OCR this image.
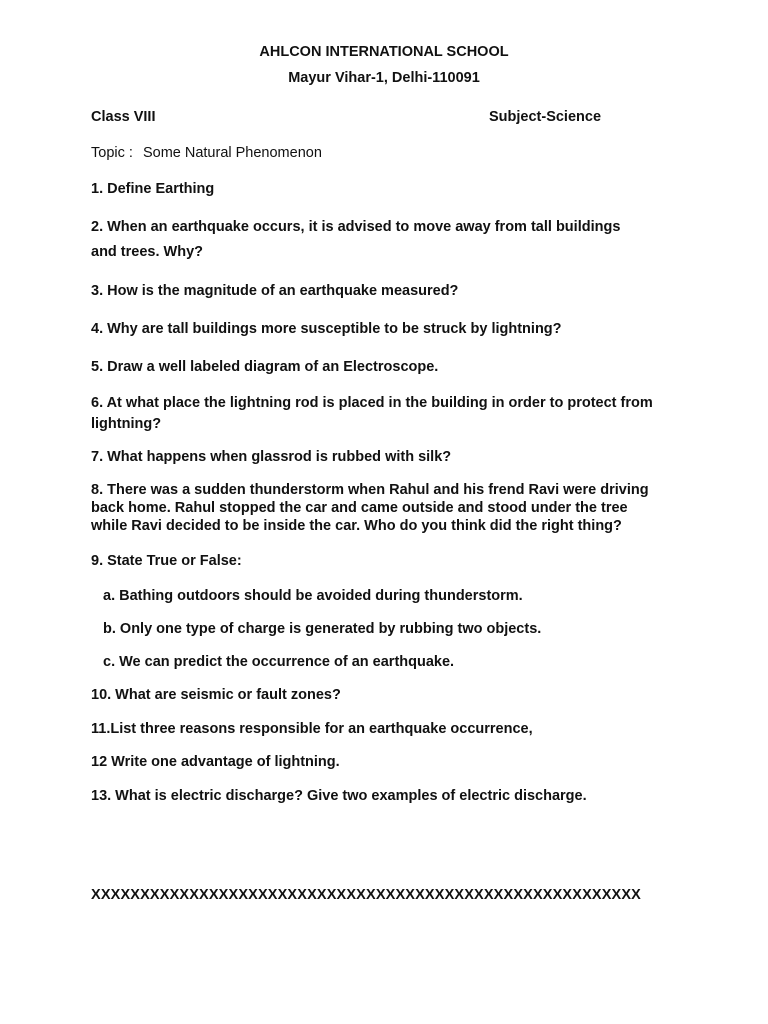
AHLCON INTERNATIONAL SCHOOL
Mayur Vihar-1, Delhi-110091
Class VIII	Subject-Science
Topic : Some Natural Phenomenon
1. Define Earthing
2. When an earthquake occurs, it is advised to move away from tall buildings
and trees. Why?
3. How is the magnitude of an earthquake measured?
4. Why are tall buildings more susceptible to be struck by lightning?
5. Draw a well labeled diagram of an Electroscope.
6. At what place the lightning rod is placed in the building in order to protect from
lightning?
7. What happens when glassrod is rubbed with silk?
8. There was a sudden thunderstorm when Rahul and his frend Ravi were driving
back home. Rahul stopped the car and came outside and stood under the tree
while Ravi decided to be inside the car. Who do you think did the right thing?
9. State True or False:
a. Bathing outdoors should be avoided during thunderstorm.
b. Only one type of charge is generated by rubbing two objects.
c. We can predict the occurrence of an earthquake.
10. What are seismic or fault zones?
11.List three reasons responsible for an earthquake occurrence,
12 Write one advantage of lightning.
13. What is electric discharge? Give two examples of electric discharge.
XXXXXXXXXXXXXXXXXXXXXXXXXXXXXXXXXXXXXXXXXXXXXXXXXXXXXXXX
